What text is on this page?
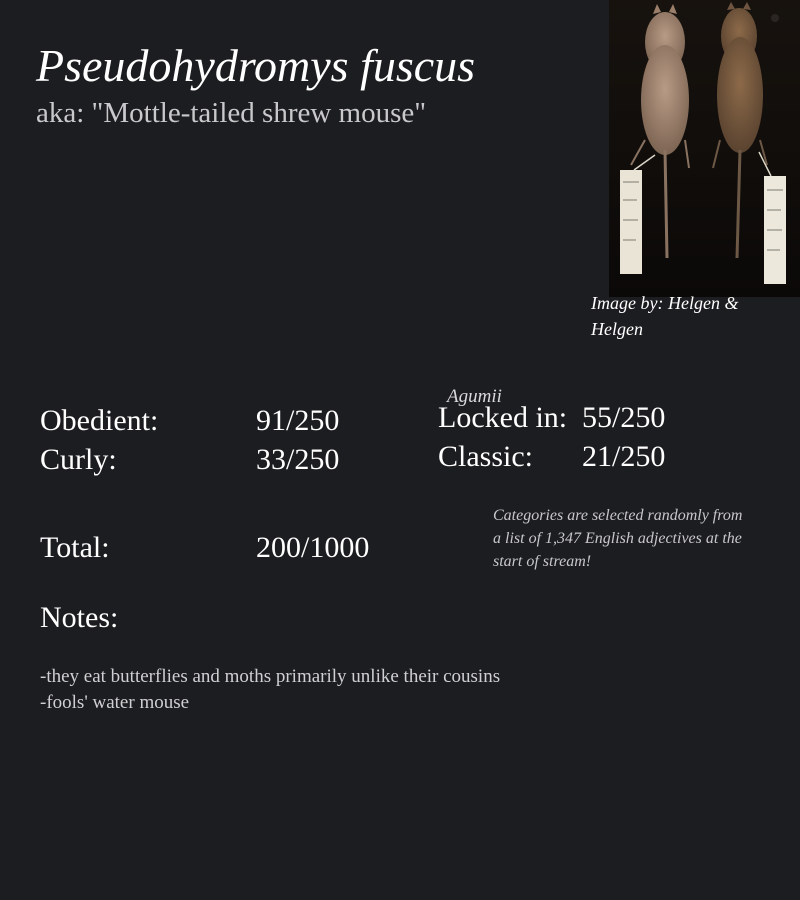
Pseudohydromys fuscus
aka: "Mottle-tailed shrew mouse"
Image by: Helgen & Helgen
Agumii
Obedient:	91/250
Curly:	33/250
Locked in: 55/250
Classic: 21/250
Total:	200/1000
Categories are selected randomly from a list of 1,347 English adjectives at the start of stream!
Notes:
-they eat butterflies and moths primarily unlike their cousins
-fools' water mouse
